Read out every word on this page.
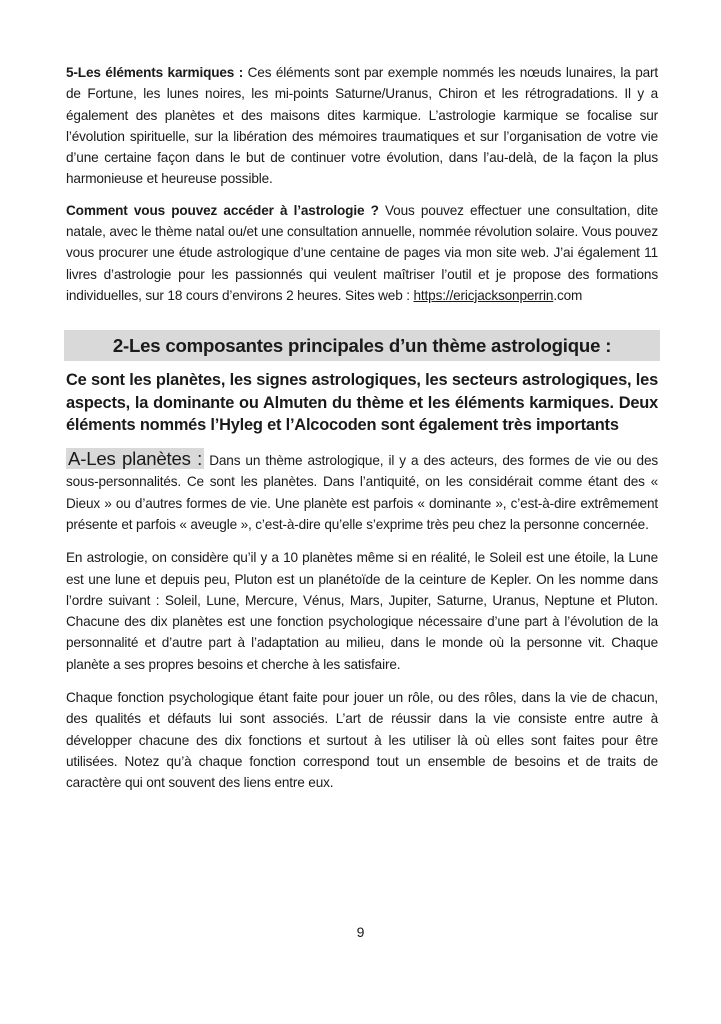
5-Les éléments karmiques : Ces éléments sont par exemple nommés les nœuds lunaires, la part de Fortune, les lunes noires, les mi-points Saturne/Uranus, Chiron et les rétrogradations. Il y a également des planètes et des maisons dites karmique. L’astrologie karmique se focalise sur l’évolution spirituelle, sur la libération des mémoires traumatiques et sur l’organisation de votre vie d’une certaine façon dans le but de continuer votre évolution, dans l’au-delà, de la façon la plus harmonieuse et heureuse possible.

Comment vous pouvez accéder à l’astrologie ? Vous pouvez effectuer une consultation, dite natale, avec le thème natal ou/et une consultation annuelle, nommée révolution solaire. Vous pouvez vous procurer une étude astrologique d’une centaine de pages via mon site web. J’ai également 11 livres d’astrologie pour les passionnés qui veulent maîtriser l’outil et je propose des formations individuelles, sur 18 cours d’environs 2 heures. Sites web : https://ericjacksonperrin.com

2-Les composantes principales d’un thème astrologique :

Ce sont les planètes, les signes astrologiques, les secteurs astrologiques, les aspects, la dominante ou Almuten du thème et les éléments karmiques. Deux éléments nommés l’Hyleg et l’Alcocoden sont également très importants

A-Les planètes : Dans un thème astrologique, il y a des acteurs, des formes de vie ou des sous-personnalités. Ce sont les planètes. Dans l’antiquité, on les considérait comme étant des « Dieux » ou d’autres formes de vie. Une planète est parfois « dominante », c’est-à-dire extrêmement présente et parfois « aveugle », c’est-à-dire qu’elle s’exprime très peu chez la personne concernée.

En astrologie, on considère qu’il y a 10 planètes même si en réalité, le Soleil est une étoile, la Lune est une lune et depuis peu, Pluton est un planétoïde de la ceinture de Kepler. On les nomme dans l’ordre suivant : Soleil, Lune, Mercure, Vénus, Mars, Jupiter, Saturne, Uranus, Neptune et Pluton. Chacune des dix planètes est une fonction psychologique nécessaire d’une part à l’évolution de la personnalité et d’autre part à l’adaptation au milieu, dans le monde où la personne vit. Chaque planète a ses propres besoins et cherche à les satisfaire.

Chaque fonction psychologique étant faite pour jouer un rôle, ou des rôles, dans la vie de chacun, des qualités et défauts lui sont associés. L’art de réussir dans la vie consiste entre autre à développer chacune des dix fonctions et surtout à les utiliser là où elles sont faites pour être utilisées. Notez qu’à chaque fonction correspond tout un ensemble de besoins et de traits de caractère qui ont souvent des liens entre eux.

9
